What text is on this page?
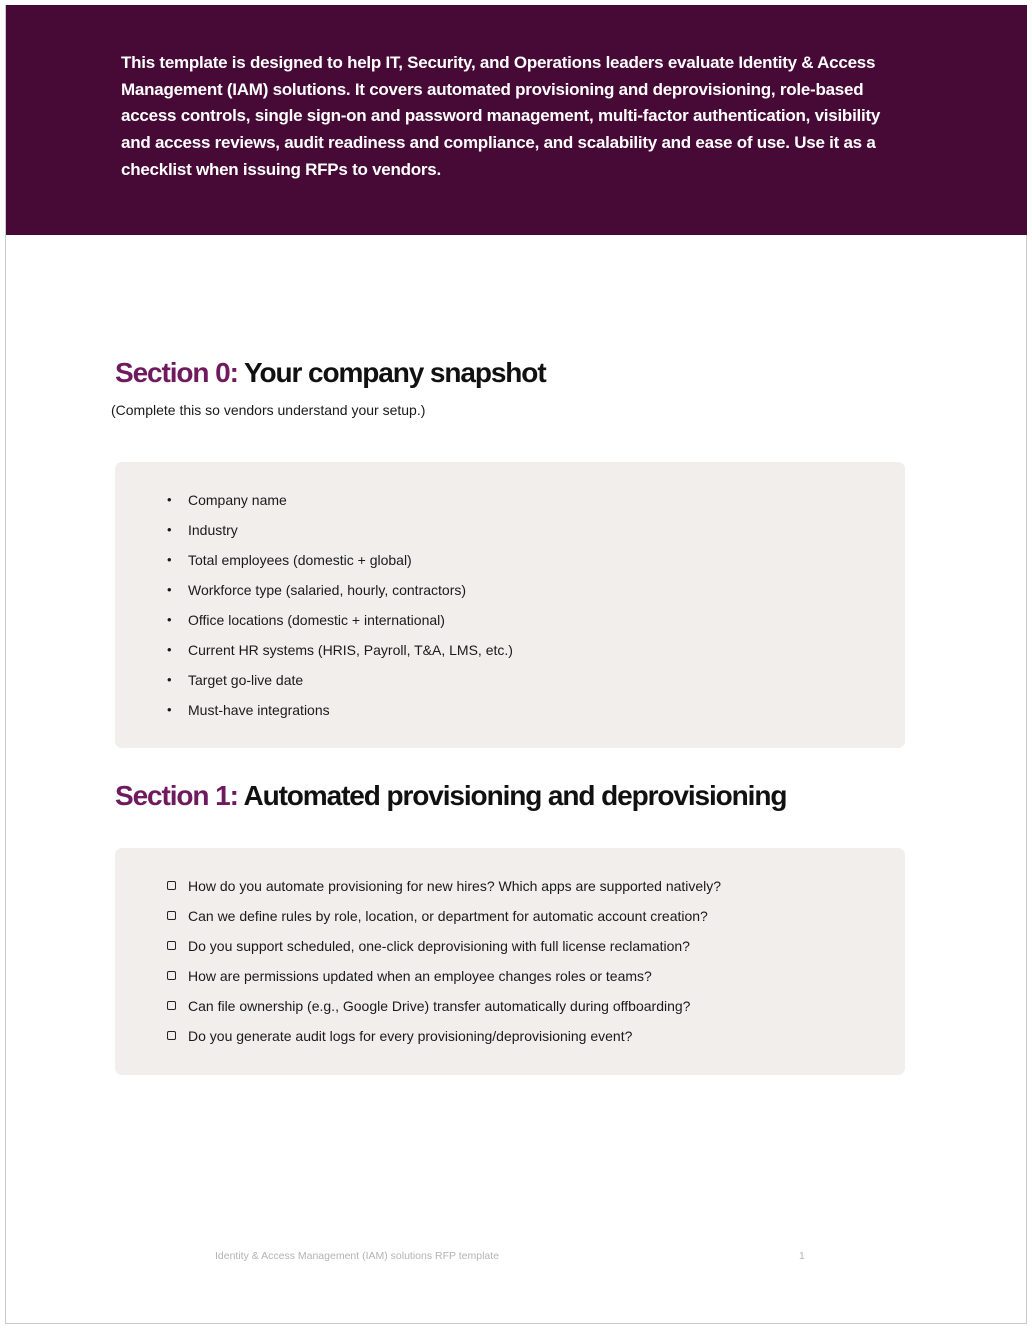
This template is designed to help IT, Security, and Operations leaders evaluate Identity & Access Management (IAM) solutions. It covers automated provisioning and deprovisioning, role-based access controls, single sign-on and password management, multi-factor authentication, visibility and access reviews, audit readiness and compliance, and scalability and ease of use. Use it as a checklist when issuing RFPs to vendors.

Section 0: Your company snapshot

(Complete this so vendors understand your setup.)

•	Company name
•	Industry
•	Total employees (domestic + global)
•	Workforce type (salaried, hourly, contractors)
•	Office locations (domestic + international)
•	Current HR systems (HRIS, Payroll, T&A, LMS, etc.)
•	Target go-live date
•	Must-have integrations
Section 1: Automated provisioning and deprovisioning
How do you automate provisioning for new hires? Which apps are supported natively?
Can we define rules by role, location, or department for automatic account creation?
Do you support scheduled, one-click deprovisioning with full license reclamation?
How are permissions updated when an employee changes roles or teams?
Can file ownership (e.g., Google Drive) transfer automatically during offboarding?
Do you generate audit logs for every provisioning/deprovisioning event?
Identity & Access Management (IAM) solutions RFP template	1
